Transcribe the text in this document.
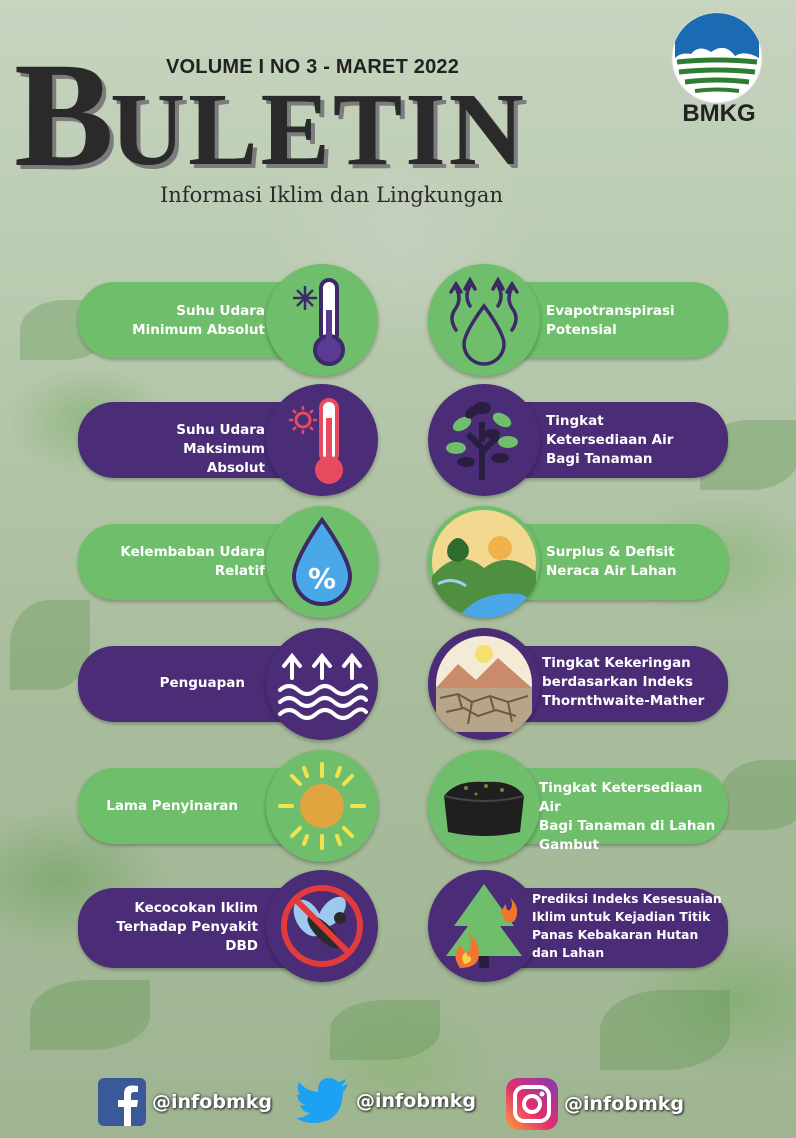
BMKG
BULETIN
VOLUME I NO 3 - MARET 2022
Informasi Iklim dan Lingkungan
Suhu Udara
Minimum Absolut
Suhu Udara Maksimum
Absolut
Kelembaban Udara
Relatif %
Penguapan
Lama Penyinaran
Kecocokan Iklim
Terhadap Penyakit
DBD
Evapotranspirasi
Potensial
Tingkat
Ketersediaan Air
Bagi Tanaman
Surplus & Defisit
Neraca Air Lahan
Tingkat Kekeringan
berdasarkan Indeks
Thornthwaite-Mather
Tingkat Ketersediaan Air
Bagi Tanaman di Lahan
Gambut
Prediksi Indeks Kesesuaian
Iklim untuk Kejadian Titik
Panas Kebakaran Hutan
dan Lahan
@infobmkg	@infobmkg	@infobmkg
